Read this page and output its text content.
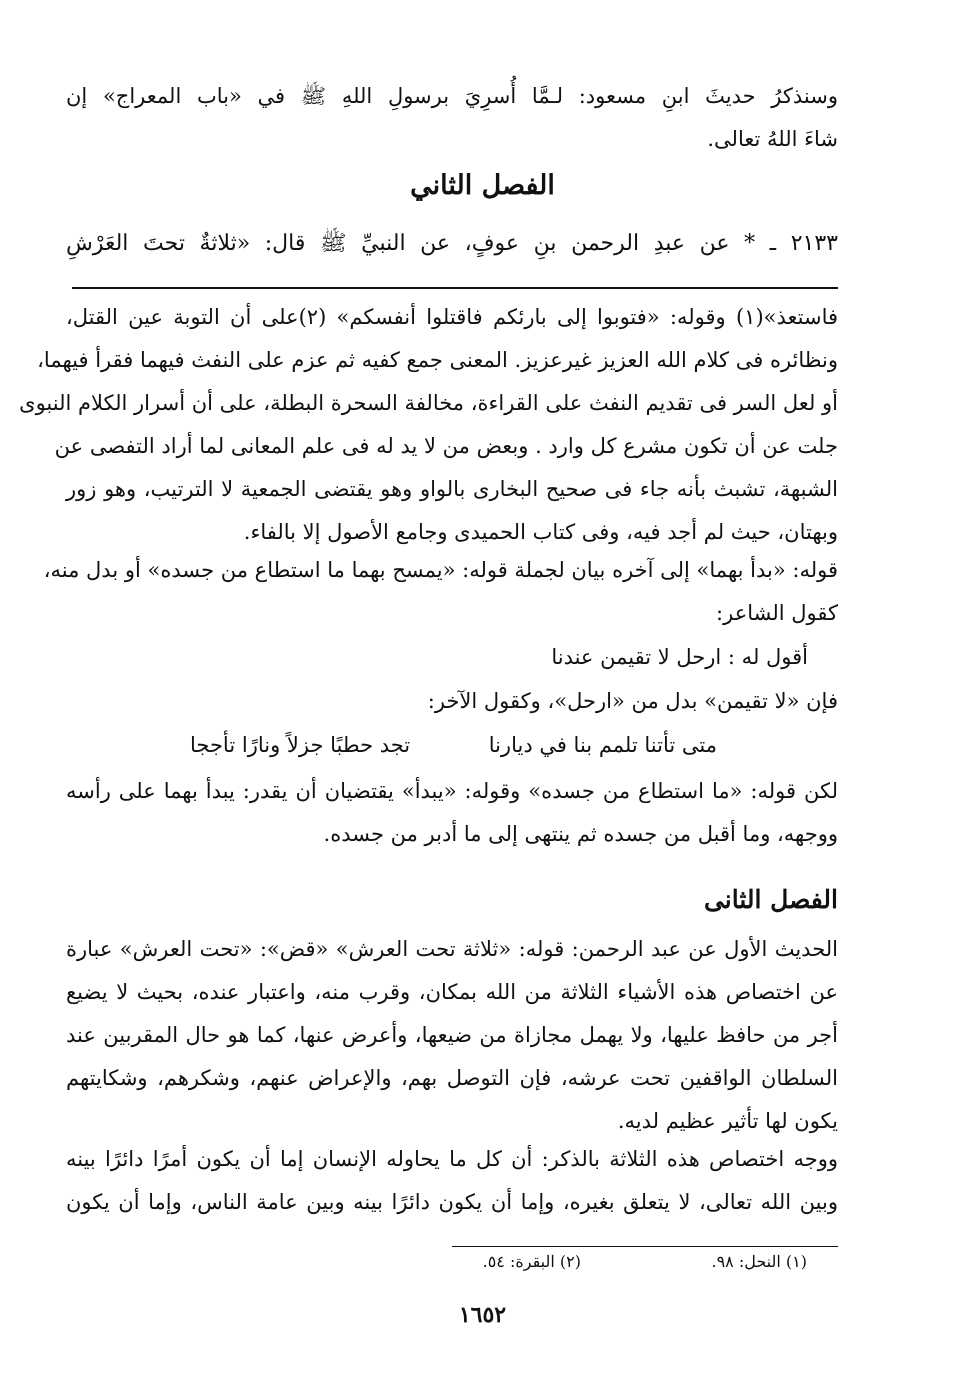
وسنذكرُ حديثَ ابنِ مسعود: لـمَّا أُسرِيَ برسولِ اللهِ ﷺ في «باب المعراج» إن
شاءَ اللهُ تعالى.
الفصل الثاني
٢١٣٣ ـ * عن عبدِ الرحمن بنِ عوفٍ، عن النبيِّ ﷺ قال: «ثلاثةٌ تحتَ العَرْشِ
فاستعذ»(١) وقوله: «فتوبوا إلى بارئكم فاقتلوا أنفسكم» (٢)على أن التوبة عين القتل،
ونظائره فى كلام الله العزيز غيرعزيز. المعنى جمع كفيه ثم عزم على النفث فيهما فقرأ فيهما،
أو لعل السر فى تقديم النفث على القراءة، مخالفة السحرة البطلة، على أن أسرار الكلام النبوى
جلت عن أن تكون مشرع كل وارد . وبعض من لا يد له فى علم المعانى لما أراد التفصى عن
الشبهة، تشبث بأنه جاء فى صحيح البخارى بالواو وهو يقتضى الجمعية لا الترتيب، وهو زور
وبهتان، حيث لم أجد فيه، وفى كتاب الحميدى وجامع الأصول إلا بالفاء.
قوله: «بدأ بهما» إلى آخره بيان لجملة قوله: «يمسح بهما ما استطاع من جسده» أو بدل منه،
كقول الشاعر:
أقول له : ارحل لا تقيمن عندنا
فإن «لا تقيمن» بدل من «ارحل»، وكقول الآخر:
متى تأتنا تلمم بنا في ديارنا
تجد حطبًا جزلاً ونارًا تأججا
لكن قوله: «ما استطاع من جسده» وقوله: «يبدأ» يقتضيان أن يقدر: يبدأ بهما على رأسه
ووجهه، وما أقبل من جسده ثم ينتهى إلى ما أدبر من جسده.
الفصل الثانى
الحديث الأول عن عبد الرحمن: قوله: «ثلاثة تحت العرش» «قض»: «تحت العرش» عبارة
عن اختصاص هذه الأشياء الثلاثة من الله بمكان، وقرب منه، واعتبار عنده، بحيث لا يضيع
أجر من حافظ عليها، ولا يهمل مجازاة من ضيعها، وأعرض عنها، كما هو حال المقربين عند
السلطان الواقفين تحت عرشه، فإن التوصل بهم، والإعراض عنهم، وشكرهم، وشكايتهم
يكون لها تأثير عظيم لديه.
ووجه اختصاص هذه الثلاثة بالذكر: أن كل ما يحاوله الإنسان إما أن يكون أمرًا دائرًا بينه
وبين الله تعالى، لا يتعلق بغيره، وإما أن يكون دائرًا بينه وبين عامة الناس، وإما أن يكون
(١) النحل: ٩٨.
(٢) البقرة: ٥٤.
١٦٥٢
